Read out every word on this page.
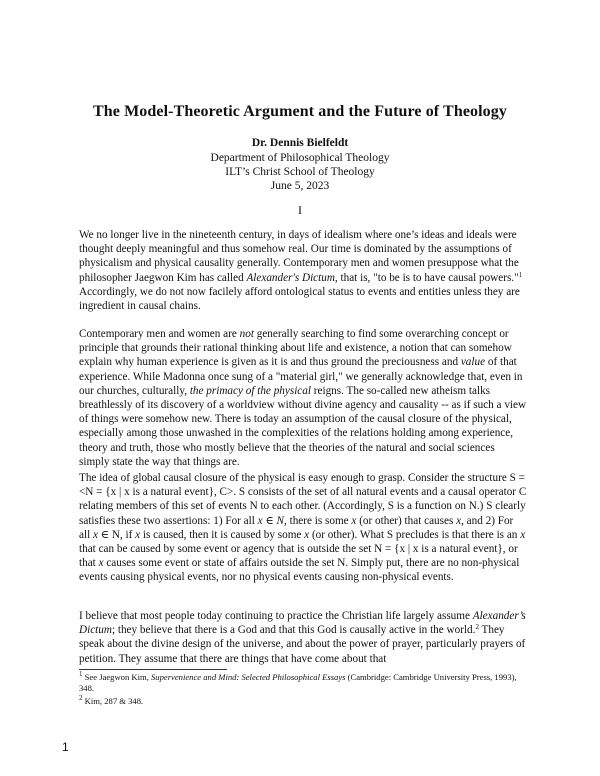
The Model-Theoretic Argument and the Future of Theology
Dr. Dennis Bielfeldt
Department of Philosophical Theology
ILT’s Christ School of Theology
June 5, 2023
I

We no longer live in the nineteenth century, in days of idealism where one’s ideas and ideals were thought deeply meaningful and thus somehow real. Our time is dominated by the assumptions of physicalism and physical causality generally. Contemporary men and women presuppose what the philosopher Jaegwon Kim has called Alexander's Dictum, that is, "to be is to have causal powers."$^1$ Accordingly, we do not now facilely afford ontological status to events and entities unless they are ingredient in causal chains.

Contemporary men and women are not generally searching to find some overarching concept or principle that grounds their rational thinking about life and existence, a notion that can somehow explain why human experience is given as it is and thus ground the preciousness and value of that experience. While Madonna once sung of a "material girl," we generally acknowledge that, even in our churches, culturally, the primacy of the physical reigns. The so-called new atheism talks breathlessly of its discovery of a worldview without divine agency and causality -- as if such a view of things were somehow new. There is today an assumption of the causal closure of the physical, especially among those unwashed in the complexities of the relations holding among experience, theory and truth, those who mostly believe that the theories of the natural and social sciences simply state the way that things are.

The idea of global causal closure of the physical is easy enough to grasp. Consider the structure S = <N = {x | x is a natural event}, C>. S consists of the set of all natural events and a causal operator C relating members of this set of events N to each other. (Accordingly, S is a function on N.) S clearly satisfies these two assertions: 1) For all x ∈ N, there is some x (or other) that causes x, and 2) For all x ∈ N, if x is caused, then it is caused by some x (or other). What S precludes is that there is an x that can be caused by some event or agency that is outside the set N = {x | x is a natural event}, or that x causes some event or state of affairs outside the set N. Simply put, there are no non-physical events causing physical events, nor no physical events causing non-physical events.

I believe that most people today continuing to practice the Christian life largely assume Alexander’s Dictum; they believe that there is a God and that this God is causally active in the world.$^2$ They speak about the divine design of the universe, and about the power of prayer, particularly prayers of petition. They assume that there are things that have come about that

$^1$ See Jaegwon Kim, Supervenience and Mind: Selected Philosophical Essays (Cambridge: Cambridge University Press, 1993), 348.
$^2$ Kim, 287 & 348.
1
